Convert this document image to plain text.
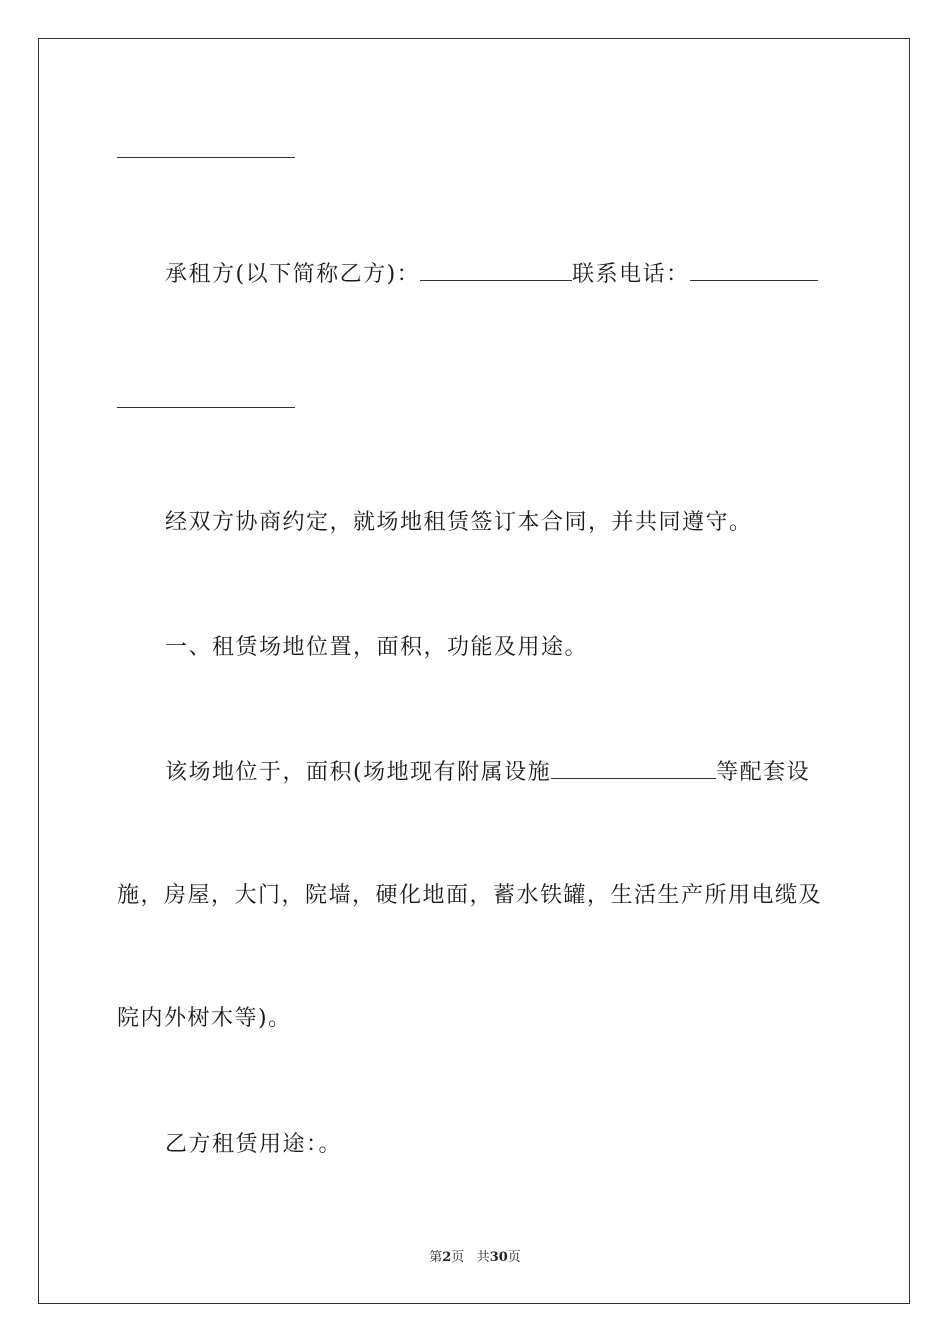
承租方(以下简称乙方)：	联系电话：
经双方协商约定，就场地租赁签订本合同，并共同遵守。
一、租赁场地位置，面积，功能及用途。
该场地位于，面积(场地现有附属设施	等配套设
施，房屋，大门，院墙，硬化地面，蓄水铁罐，生活生产所用电缆及
院内外树木等)。
乙方租赁用途：。
第2页 共30页
